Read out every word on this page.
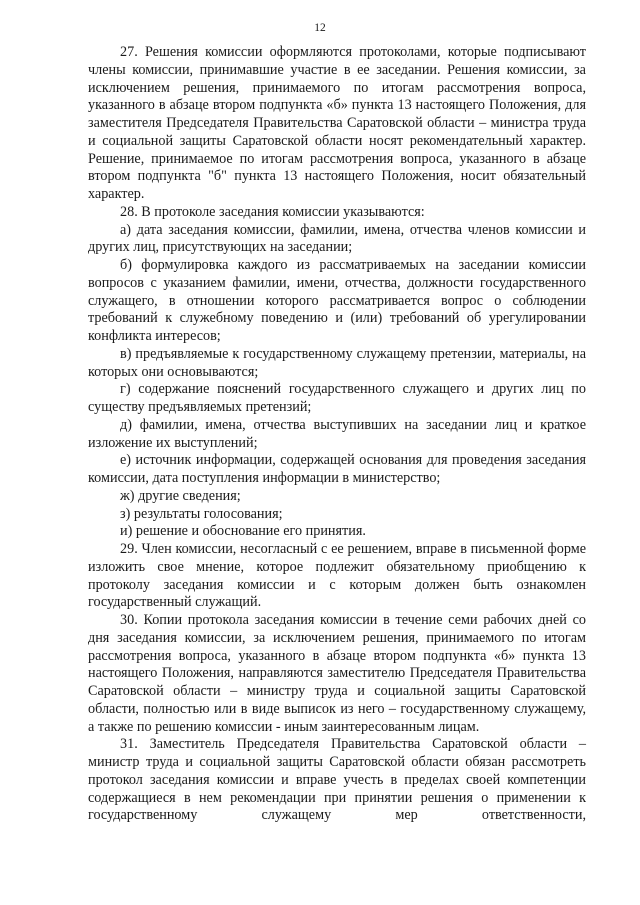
12

27. Решения комиссии оформляются протоколами, которые подписывают члены комиссии, принимавшие участие в ее заседании. Решения комиссии, за исключением решения, принимаемого по итогам рассмотрения вопроса, указанного в абзаце втором подпункта «б» пункта 13 настоящего Положения, для заместителя Председателя Правительства Саратовской области – министра труда и социальной защиты Саратовской области носят рекомендательный характер. Решение, принимаемое по итогам рассмотрения вопроса, указанного в абзаце втором подпункта "б" пункта 13 настоящего Положения, носит обязательный характер.

28. В протоколе заседания комиссии указываются:

а) дата заседания комиссии, фамилии, имена, отчества членов комиссии и других лиц, присутствующих на заседании;

б) формулировка каждого из рассматриваемых на заседании комиссии вопросов с указанием фамилии, имени, отчества, должности государственного служащего, в отношении которого рассматривается вопрос о соблюдении требований к служебному поведению и (или) требований об урегулировании конфликта интересов;

в) предъявляемые к государственному служащему претензии, материалы, на которых они основываются;

г) содержание пояснений государственного служащего и других лиц по существу предъявляемых претензий;

д) фамилии, имена, отчества выступивших на заседании лиц и краткое изложение их выступлений;

е) источник информации, содержащей основания для проведения заседания комиссии, дата поступления информации в министерство;

ж) другие сведения;

з) результаты голосования;

и) решение и обоснование его принятия.

29. Член комиссии, несогласный с ее решением, вправе в письменной форме изложить свое мнение, которое подлежит обязательному приобщению к протоколу заседания комиссии и с которым должен быть ознакомлен государственный служащий.

30. Копии протокола заседания комиссии в течение семи рабочих дней со дня заседания комиссии, за исключением решения, принимаемого по итогам рассмотрения вопроса, указанного в абзаце втором подпункта «б» пункта 13 настоящего Положения, направляются заместителю Председателя Правительства Саратовской области – министру труда и социальной защиты Саратовской области, полностью или в виде выписок из него – государственному служащему, а также по решению комиссии - иным заинтересованным лицам.

31. Заместитель Председателя Правительства Саратовской области – министр труда и социальной защиты Саратовской области обязан рассмотреть протокол заседания комиссии и вправе учесть в пределах своей компетенции содержащиеся в нем рекомендации при принятии решения о применении к государственному служащему мер ответственности,
